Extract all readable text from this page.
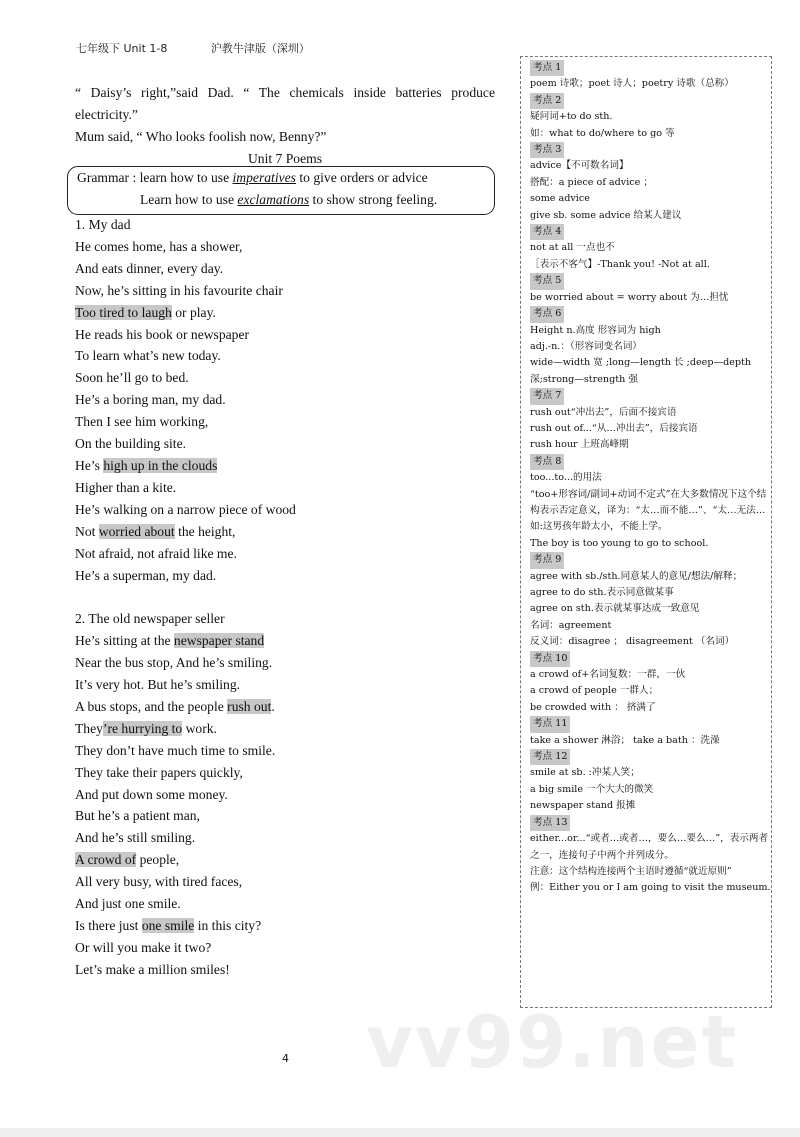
七年级下 Unit 1-8	沪教牛津版（深圳）

“ Daisy’s right,”said Dad. “ The chemicals inside batteries produce electricity.”

Mum said, “ Who looks foolish now, Benny?”

Unit 7 Poems

Grammar : learn how to use imperatives to give orders or advice
Learn how to use exclamations to show strong feeling.
1. My dad
He comes home, has a shower,
And eats dinner, every day.
Now, he’s sitting in his favourite chair
Too tired to laugh or play.
He reads his book or newspaper
To learn what’s new today.
Soon he’ll go to bed.
He’s a boring man, my dad.
Then I see him working,
On the building site.
He’s high up in the clouds
Higher than a kite.
He’s walking on a narrow piece of wood
Not worried about the height,
Not afraid, not afraid like me.
He’s a superman, my dad.

2. The old newspaper seller
He’s sitting at the newspaper stand
Near the bus stop, And he’s smiling.
It’s very hot. But he’s smiling.
A bus stops, and the people rush out.
They’re hurrying to work.
They don’t have much time to smile.
They take their papers quickly,
And put down some money.
But he’s a patient man,
And he’s still smiling.
A crowd of people,
All very busy, with tired faces,
And just one smile.
Is there just one smile in this city?
Or will you make it two?
Let’s make a million smiles!
考点 1
poem 诗歌；poet 诗人；poetry 诗歌（总称）
考点 2
疑问词+to do sth.
如：what to do/where to go 等
考点 3
advice【不可数名词】
搭配：a piece of advice ；
some advice
give sb. some advice 给某人建议
考点 4
not at all 一点也不
［表示不客气】-Thank you! -Not at all.
考点 5
be worried about = worry about 为…担忧
考点 6
Height n.高度 形容词为 high
adj.-n.：（形容词变名词）
wide—width 宽 ;long—length 长 ;deep—depth
深;strong—strength 强
考点 7
rush out“冲出去”，后面不接宾语
rush out of...“从…冲出去”，后接宾语
rush hour 上班高峰期
考点 8
too...to...的用法
“too+形容词/副词+动词不定式”在大多数情况下这个结构表示否定意义，译为：“太…而不能…”、“太…无法…
如:这男孩年龄太小，不能上学。
The boy is too young to go to school.
考点 9
agree with sb./sth.同意某人的意见/想法/解释；
agree to do sth.表示同意做某事
agree on sth.表示就某事达成一致意见
名词：agreement
反义词：disagree ； disagreement （名词）
考点 10
a crowd of+名词复数：一群，一伙
a crowd of people 一群人；
be crowded with ： 挤满了
考点 11
take a shower 淋浴； take a bath ：洗澡
考点 12
smile at sb. :冲某人笑；
a big smile 一个大大的微笑
newspaper stand 报摊
考点 13
either...or...“或者…或者…，要么…要么…”，表示两者之一，连接句子中两个并列成分。
注意：这个结构连接两个主语时遵循“就近原则”
例：Either you or I am going to visit the museum.
vv99.net
4
